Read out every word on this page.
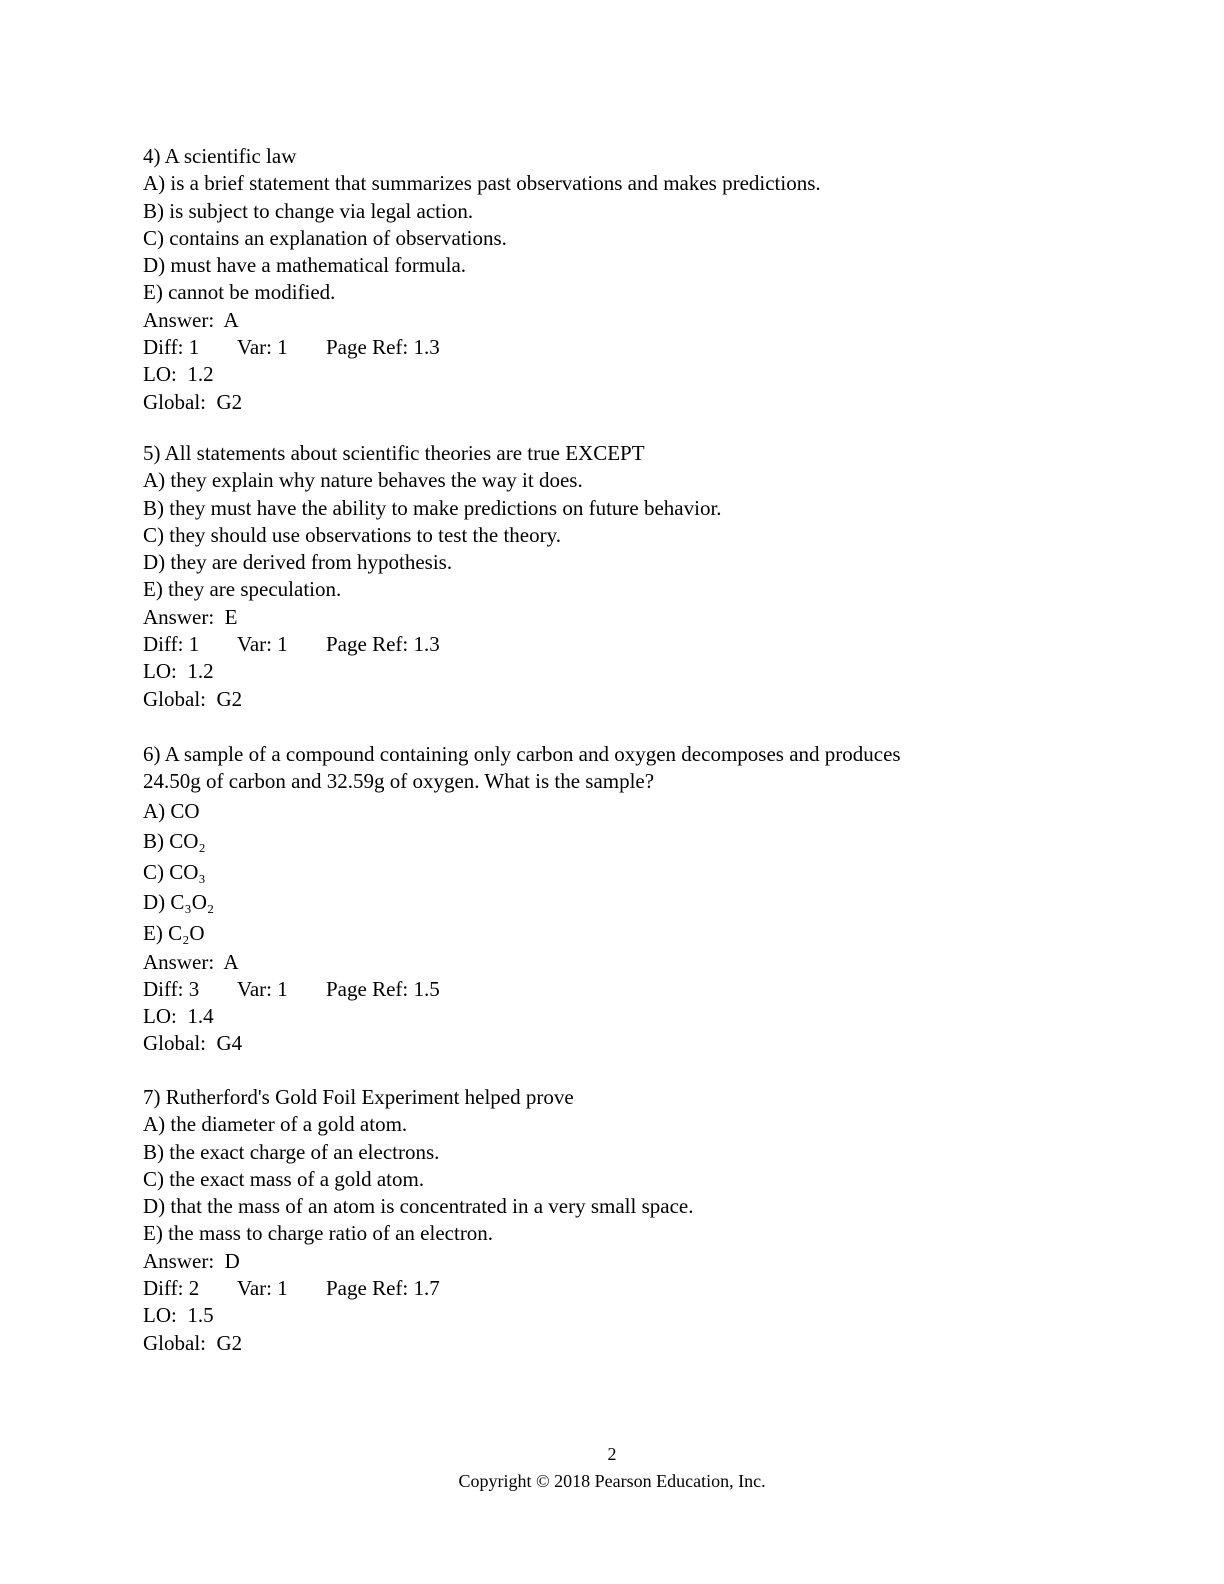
4) A scientific law
A) is a brief statement that summarizes past observations and makes predictions.
B) is subject to change via legal action.
C) contains an explanation of observations.
D) must have a mathematical formula.
E) cannot be modified.
Answer:  A
Diff: 1 Var: 1 Page Ref: 1.3
LO:  1.2
Global:  G2
5) All statements about scientific theories are true EXCEPT
A) they explain why nature behaves the way it does.
B) they must have the ability to make predictions on future behavior.
C) they should use observations to test the theory.
D) they are derived from hypothesis.
E) they are speculation.
Answer:  E
Diff: 1 Var: 1 Page Ref: 1.3
LO:  1.2
Global:  G2
6) A sample of a compound containing only carbon and oxygen decomposes and produces
24.50g of carbon and 32.59g of oxygen. What is the sample?
A) CO
B) CO₂
C) CO₃
D) C₃O₂
E) C₂O
Answer:  A
Diff: 3 Var: 1 Page Ref: 1.5
LO:  1.4
Global:  G4
7) Rutherford's Gold Foil Experiment helped prove
A) the diameter of a gold atom.
B) the exact charge of an electrons.
C) the exact mass of a gold atom.
D) that the mass of an atom is concentrated in a very small space.
E) the mass to charge ratio of an electron.
Answer:  D
Diff: 2 Var: 1 Page Ref: 1.7
LO:  1.5
Global:  G2
2
Copyright © 2018 Pearson Education, Inc.
